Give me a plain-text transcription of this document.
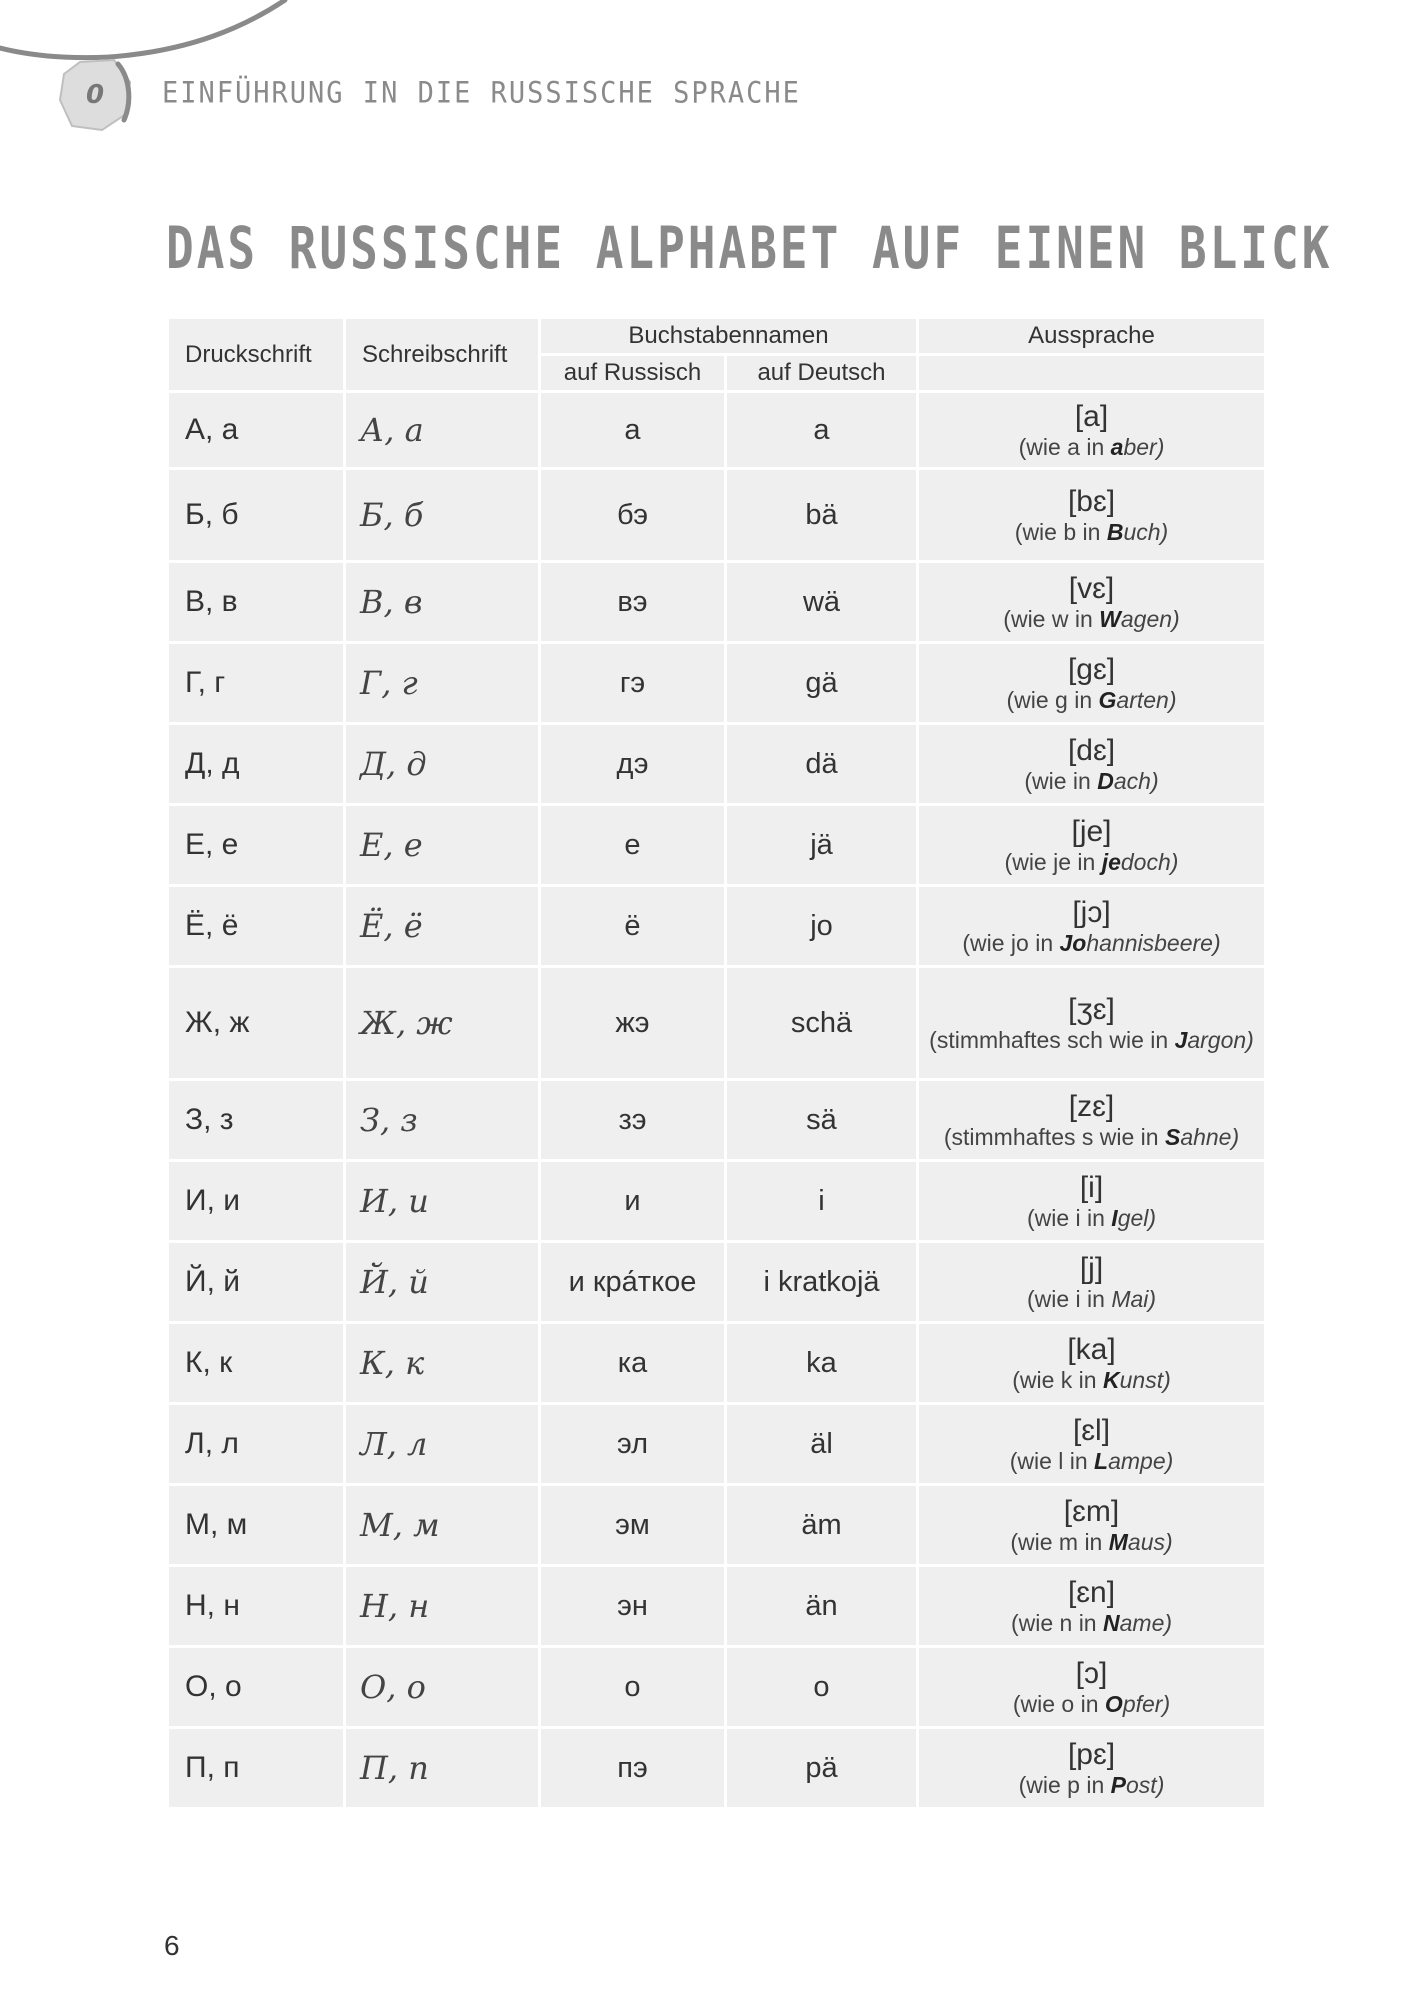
0	EINFÜHRUNG IN DIE RUSSISCHE SPRACHE
DAS RUSSISCHE ALPHABET AUF EINEN BLICK
Druckschrift	Schreibschrift	Buchstabennamen		Aussprache
		auf Russisch	auf Deutsch	
А, а	А, а	а	a	[a]
(wie a in aber)

Б, б	Б, б	бэ	bä	[bɛ]
(wie b in Buch)

В, в	В, в	вэ	wä	[vɛ]
(wie w in Wagen)

Г, г	Г, г	гэ	gä	[gɛ]
(wie g in Garten)

Д, д	Д, д	дэ	dä	[dɛ]
(wie in Dach)

Е, е	Е, е	е	jä	[je]
(wie je in jedoch)

Ё, ё	Ё, ё	ё	jo	[jɔ]
(wie jo in Johannisbeere)

Ж, ж	Ж, ж	жэ	schä	[ʒɛ]
(stimmhaftes sch wie in Jargon)

З, з	З, з	зэ	sä	[zɛ]
(stimmhaftes s wie in Sahne)

И, и	И, и	и	i	[i]
(wie i in Igel)

Й, й	Й, й	и кра́ткое	i kratkojä	[j]
(wie i in Mai)

К, к	К, к	ка	ka	[ka]
(wie k in Kunst)

Л, л	Л, л	эл	äl	[ɛl]
(wie l in Lampe)

М, м	М, м	эм	äm	[ɛm]
(wie m in Maus)

Н, н	Н, н	эн	än	[ɛn]
(wie n in Name)

О, о	О, о	о	o	[ɔ]
(wie o in Opfer)

П, п	П, п	пэ	pä	[pɛ]
(wie p in Post)
6
